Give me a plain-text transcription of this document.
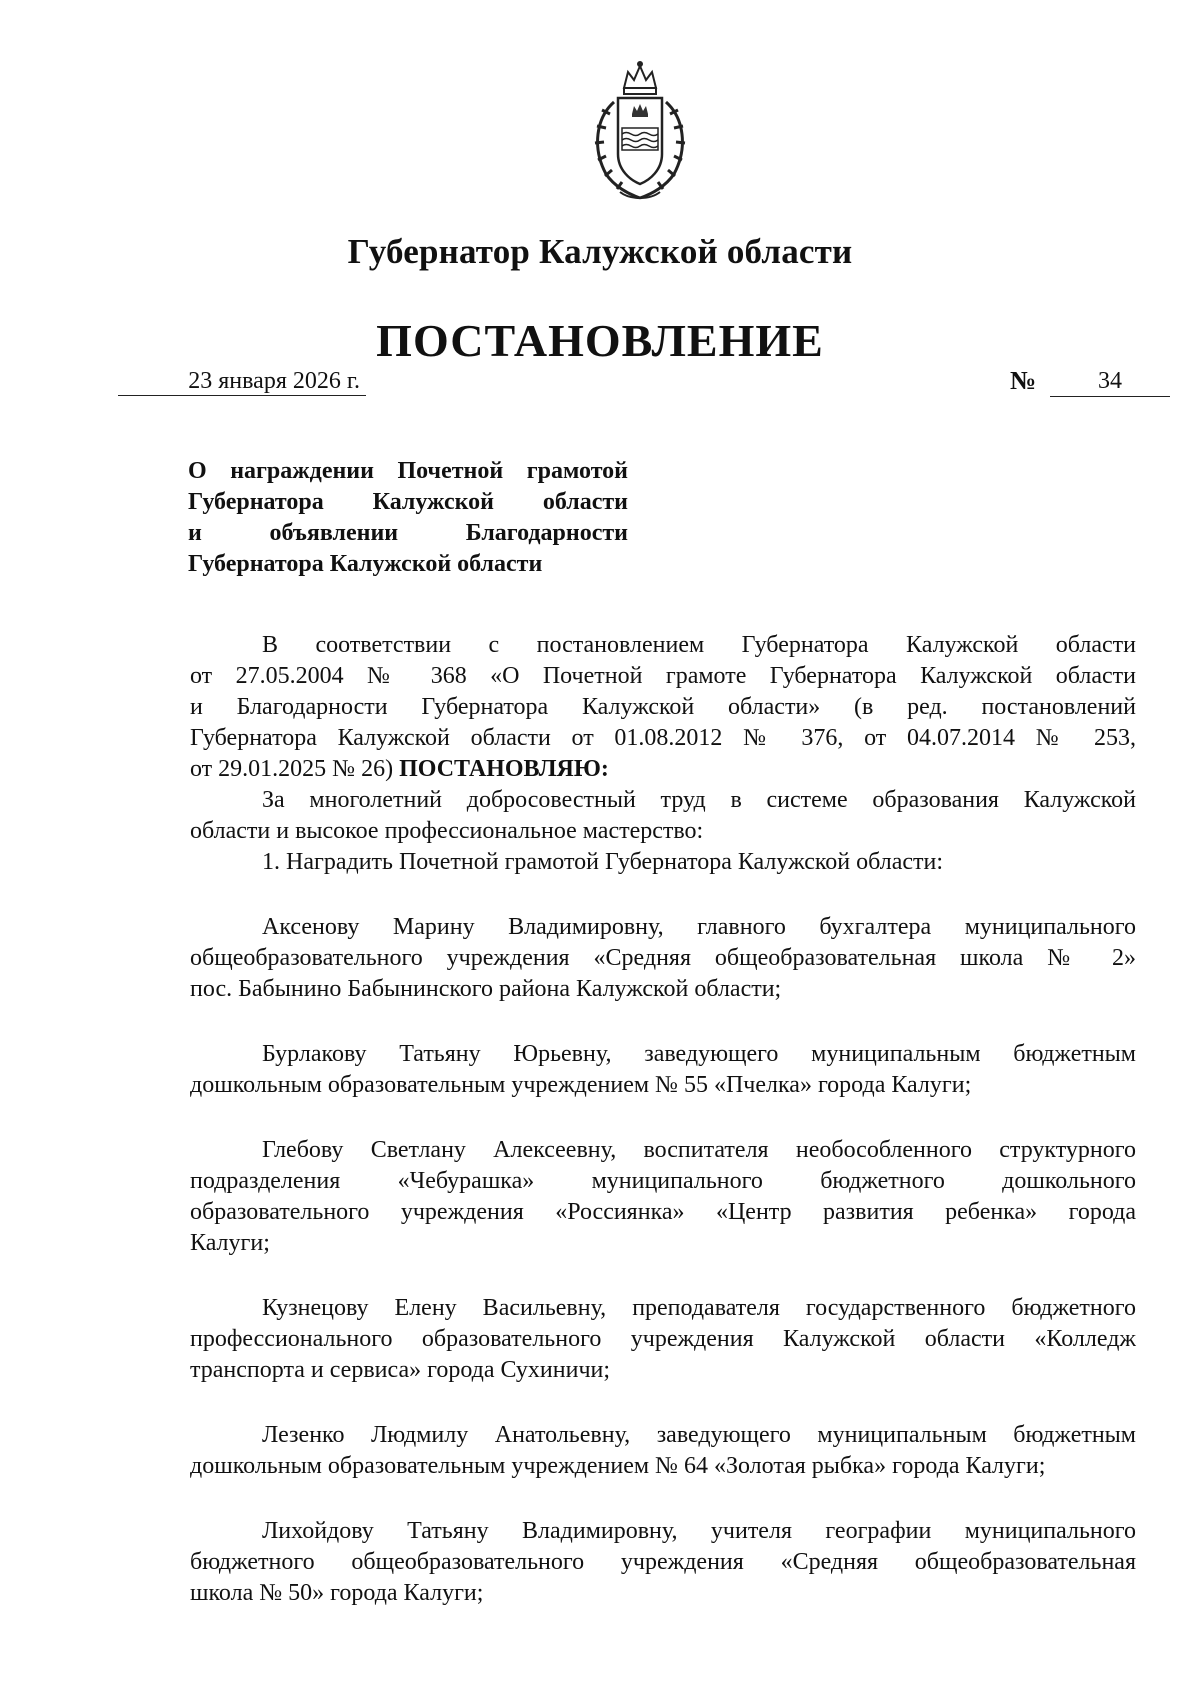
Губернатор Калужской области
ПОСТАНОВЛЕНИЕ
23 января 2026 г.	№	34
О награждении Почетной грамотой
Губернатора Калужской области
и объявлении Благодарности
Губернатора Калужской области
В соответствии с постановлением Губернатора Калужской области
от 27.05.2004 № 368 «О Почетной грамоте Губернатора Калужской области
и Благодарности Губернатора Калужской области» (в ред. постановлений
Губернатора Калужской области от 01.08.2012 № 376, от 04.07.2014 № 253,
от 29.01.2025 № 26) ПОСТАНОВЛЯЮ:
За многолетний добросовестный труд в системе образования Калужской
области и высокое профессиональное мастерство:
1. Наградить Почетной грамотой Губернатора Калужской области:
Аксенову Марину Владимировну, главного бухгалтера муниципального
общеобразовательного учреждения «Средняя общеобразовательная школа № 2»
пос. Бабынино Бабынинского района Калужской области;
Бурлакову Татьяну Юрьевну, заведующего муниципальным бюджетным
дошкольным образовательным учреждением № 55 «Пчелка» города Калуги;
Глебову Светлану Алексеевну, воспитателя необособленного структурного
подразделения «Чебурашка» муниципального бюджетного дошкольного
образовательного учреждения «Россиянка» «Центр развития ребенка» города
Калуги;
Кузнецову Елену Васильевну, преподавателя государственного бюджетного
профессионального образовательного учреждения Калужской области «Колледж
транспорта и сервиса» города Сухиничи;
Лезенко Людмилу Анатольевну, заведующего муниципальным бюджетным
дошкольным образовательным учреждением № 64 «Золотая рыбка» города Калуги;
Лихойдову Татьяну Владимировну, учителя географии муниципального
бюджетного общеобразовательного учреждения «Средняя общеобразовательная
школа № 50» города Калуги;
